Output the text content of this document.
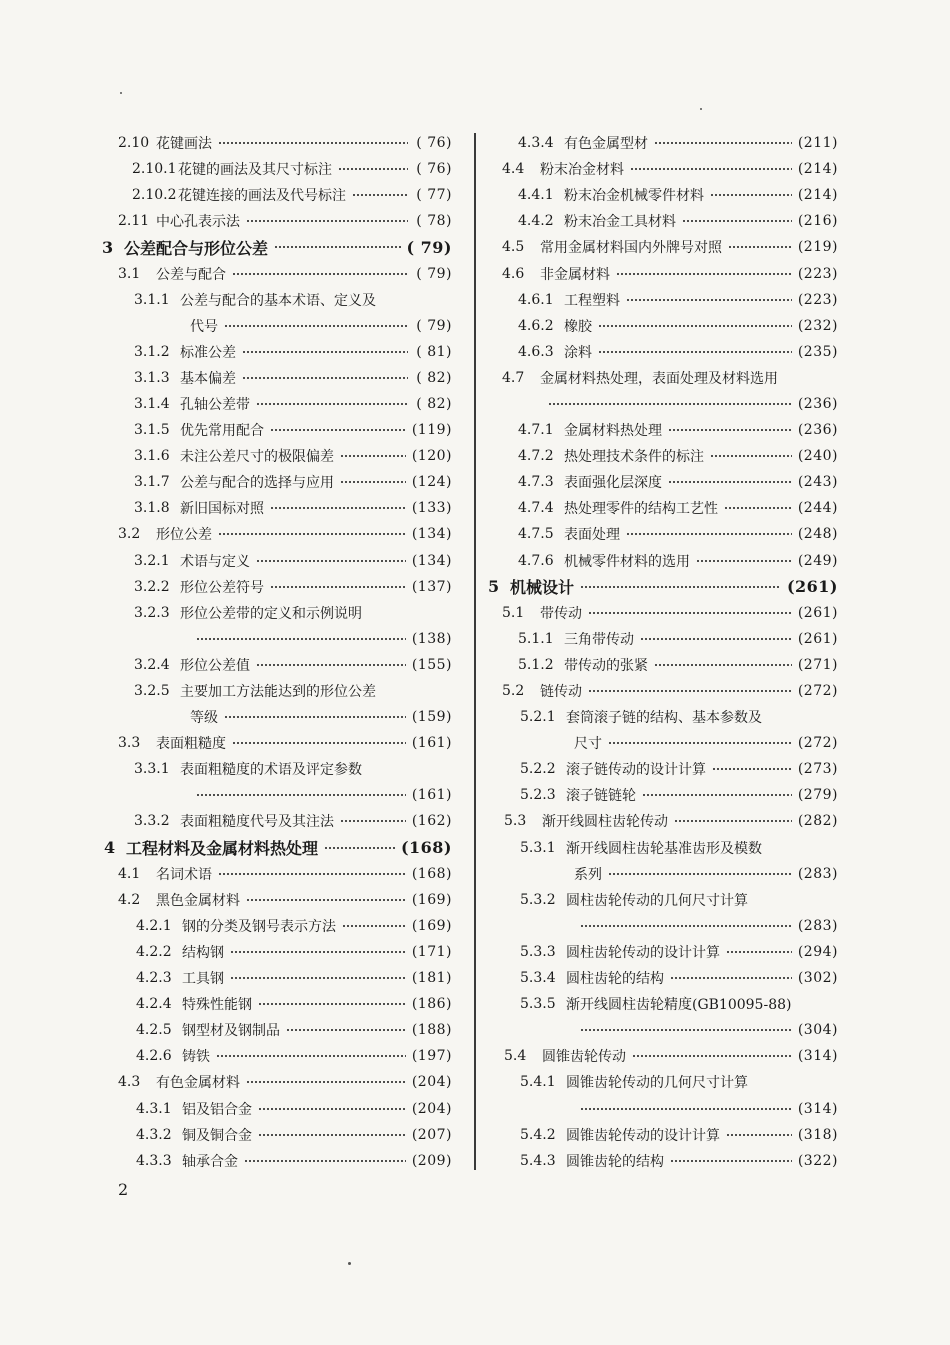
2.10 花键画法	( 76)
2.10.1 花键的画法及其尺寸标注	( 76)
2.10.2 花键连接的画法及代号标注	( 77)
2.11 中心孔表示法	( 78)
3 公差配合与形位公差	( 79)
3.1	公差与配合	( 79)
3.1.1 公差与配合的基本术语、定义及
代号	( 79)
3.1.2 标准公差	( 81)
3.1.3 基本偏差	( 82)
3.1.4 孔轴公差带	( 82)
3.1.5 优先常用配合	(119)
3.1.6 未注公差尺寸的极限偏差	(120)
3.1.7 公差与配合的选择与应用	(124)
3.1.8 新旧国标对照	(133)
3.2	形位公差	(134)
3.2.1 术语与定义	(134)
3.2.2 形位公差符号	(137)
3.2.3 形位公差带的定义和示例说明
(138)
3.2.4 形位公差值	(155)
3.2.5 主要加工方法能达到的形位公差
等级	(159)
3.3	表面粗糙度	(161)
3.3.1 表面粗糙度的术语及评定参数
(161)
3.3.2 表面粗糙度代号及其注法	(162)
4 工程材料及金属材料热处理	(168)
4.1	名词术语	(168)
4.2	黑色金属材料	(169)
4.2.1 钢的分类及钢号表示方法	(169)
4.2.2 结构钢	(171)
4.2.3 工具钢	(181)
4.2.4 特殊性能钢	(186)
4.2.5 钢型材及钢制品	(188)
4.2.6 铸铁	(197)
4.3	有色金属材料	(204)
4.3.1 铝及铝合金	(204)
4.3.2 铜及铜合金	(207)
4.3.3 轴承合金	(209)
4.3.4 有色金属型材	(211)
4.4	粉末冶金材料	(214)
4.4.1 粉末冶金机械零件材料	(214)
4.4.2 粉末冶金工具材料	(216)
4.5	常用金属材料国内外牌号对照	(219)
4.6	非金属材料	(223)
4.6.1 工程塑料	(223)
4.6.2 橡胶	(232)
4.6.3 涂料	(235)
4.7	金属材料热处理，表面处理及材料选用
(236)
4.7.1 金属材料热处理	(236)
4.7.2 热处理技术条件的标注	(240)
4.7.3 表面强化层深度	(243)
4.7.4 热处理零件的结构工艺性	(244)
4.7.5 表面处理	(248)
4.7.6 机械零件材料的选用	(249)
5 机械设计	(261)
5.1	带传动	(261)
5.1.1 三角带传动	(261)
5.1.2 带传动的张紧	(271)
5.2	链传动	(272)
5.2.1 套筒滚子链的结构、基本参数及
尺寸	(272)
5.2.2 滚子链传动的设计计算	(273)
5.2.3 滚子链链轮	(279)
5.3	渐开线圆柱齿轮传动	(282)
5.3.1 渐开线圆柱齿轮基准齿形及模数
系列	(283)
5.3.2 圆柱齿轮传动的几何尺寸计算
(283)
5.3.3 圆柱齿轮传动的设计计算	(294)
5.3.4 圆柱齿轮的结构	(302)
5.3.5 渐开线圆柱齿轮精度(GB10095-88)
(304)
5.4	圆锥齿轮传动	(314)
5.4.1 圆锥齿轮传动的几何尺寸计算
(314)
5.4.2 圆锥齿轮传动的设计计算	(318)
5.4.3 圆锥齿轮的结构	(322)
2
